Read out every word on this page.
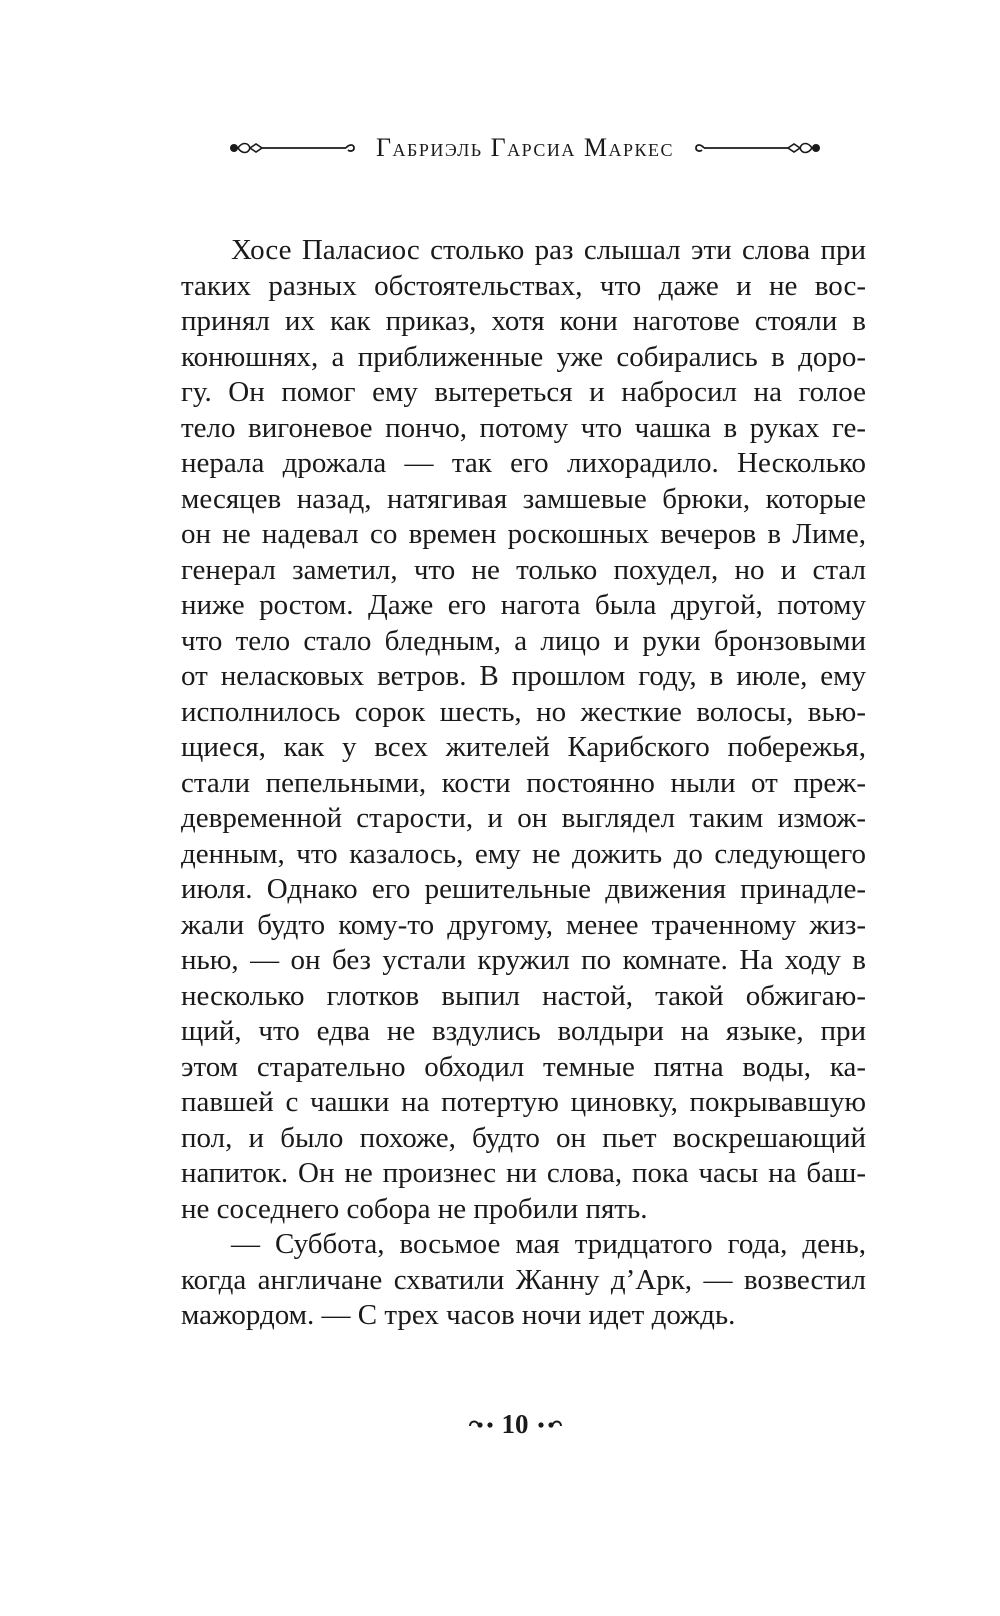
Габриэль Гарсиа Маркес
Хосе Паласиос столько раз слышал эти слова при
таких разных обстоятельствах, что даже и не вос-
принял их как приказ, хотя кони наготове стояли в
конюшнях, а приближенные уже собирались в доро-
гу. Он помог ему вытереться и набросил на голое
тело вигоневое пончо, потому что чашка в руках ге-
нерала дрожала — так его лихорадило. Несколько
месяцев назад, натягивая замшевые брюки, которые
он не надевал со времен роскошных вечеров в Лиме,
генерал заметил, что не только похудел, но и стал
ниже ростом. Даже его нагота была другой, потому
что тело стало бледным, а лицо и руки бронзовыми
от неласковых ветров. В прошлом году, в июле, ему
исполнилось сорок шесть, но жесткие волосы, вью-
щиеся, как у всех жителей Карибского побережья,
стали пепельными, кости постоянно ныли от преж-
девременной старости, и он выглядел таким измож-
денным, что казалось, ему не дожить до следующего
июля. Однако его решительные движения принадле-
жали будто кому-то другому, менее траченному жиз-
нью, — он без устали кружил по комнате. На ходу в
несколько глотков выпил настой, такой обжигаю-
щий, что едва не вздулись волдыри на языке, при
этом старательно обходил темные пятна воды, ка-
павшей с чашки на потертую циновку, покрывавшую
пол, и было похоже, будто он пьет воскрешающий
напиток. Он не произнес ни слова, пока часы на баш-
не соседнего собора не пробили пять.
— Суббота, восьмое мая тридцатого года, день,
когда англичане схватили Жанну д’Арк, — возвестил
мажордом. — С трех часов ночи идет дождь.
10
